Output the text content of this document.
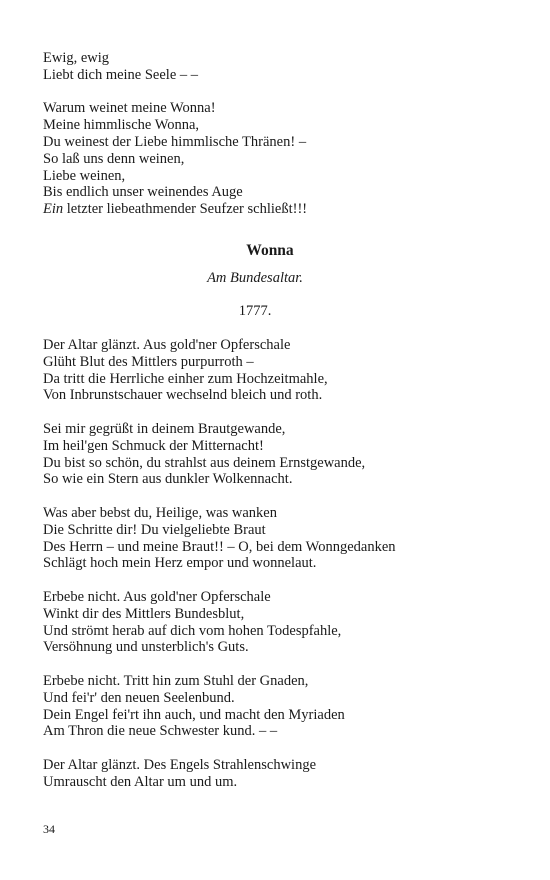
Ewig, ewig
Liebt dich meine Seele – –
Warum weinet meine Wonna!
Meine himmlische Wonna,
Du weinest der Liebe himmlische Thränen! –
So laß uns denn weinen,
Liebe weinen,
Bis endlich unser weinendes Auge
Ein letzter liebeathmender Seufzer schließt!!!
Wonna
Am Bundesaltar.
1777.
Der Altar glänzt. Aus gold'ner Opferschale
Glüht Blut des Mittlers purpurroth –
Da tritt die Herrliche einher zum Hochzeitmahle,
Von Inbrunstschauer wechselnd bleich und roth.
Sei mir gegrüßt in deinem Brautgewande,
Im heil'gen Schmuck der Mitternacht!
Du bist so schön, du strahlst aus deinem Ernstgewande,
So wie ein Stern aus dunkler Wolkennacht.
Was aber bebst du, Heilige, was wanken
Die Schritte dir! Du vielgeliebte Braut
Des Herrn – und meine Braut!! – O, bei dem Wonngedanken
Schlägt hoch mein Herz empor und wonnelaut.
Erbebe nicht. Aus gold'ner Opferschale
Winkt dir des Mittlers Bundesblut,
Und strömt herab auf dich vom hohen Todespfahle,
Versöhnung und unsterblich's Guts.
Erbebe nicht. Tritt hin zum Stuhl der Gnaden,
Und fei'r' den neuen Seelenbund.
Dein Engel fei'rt ihn auch, und macht den Myriaden
Am Thron die neue Schwester kund. – –
Der Altar glänzt. Des Engels Strahlenschwinge
Umrauscht den Altar um und um.
34
